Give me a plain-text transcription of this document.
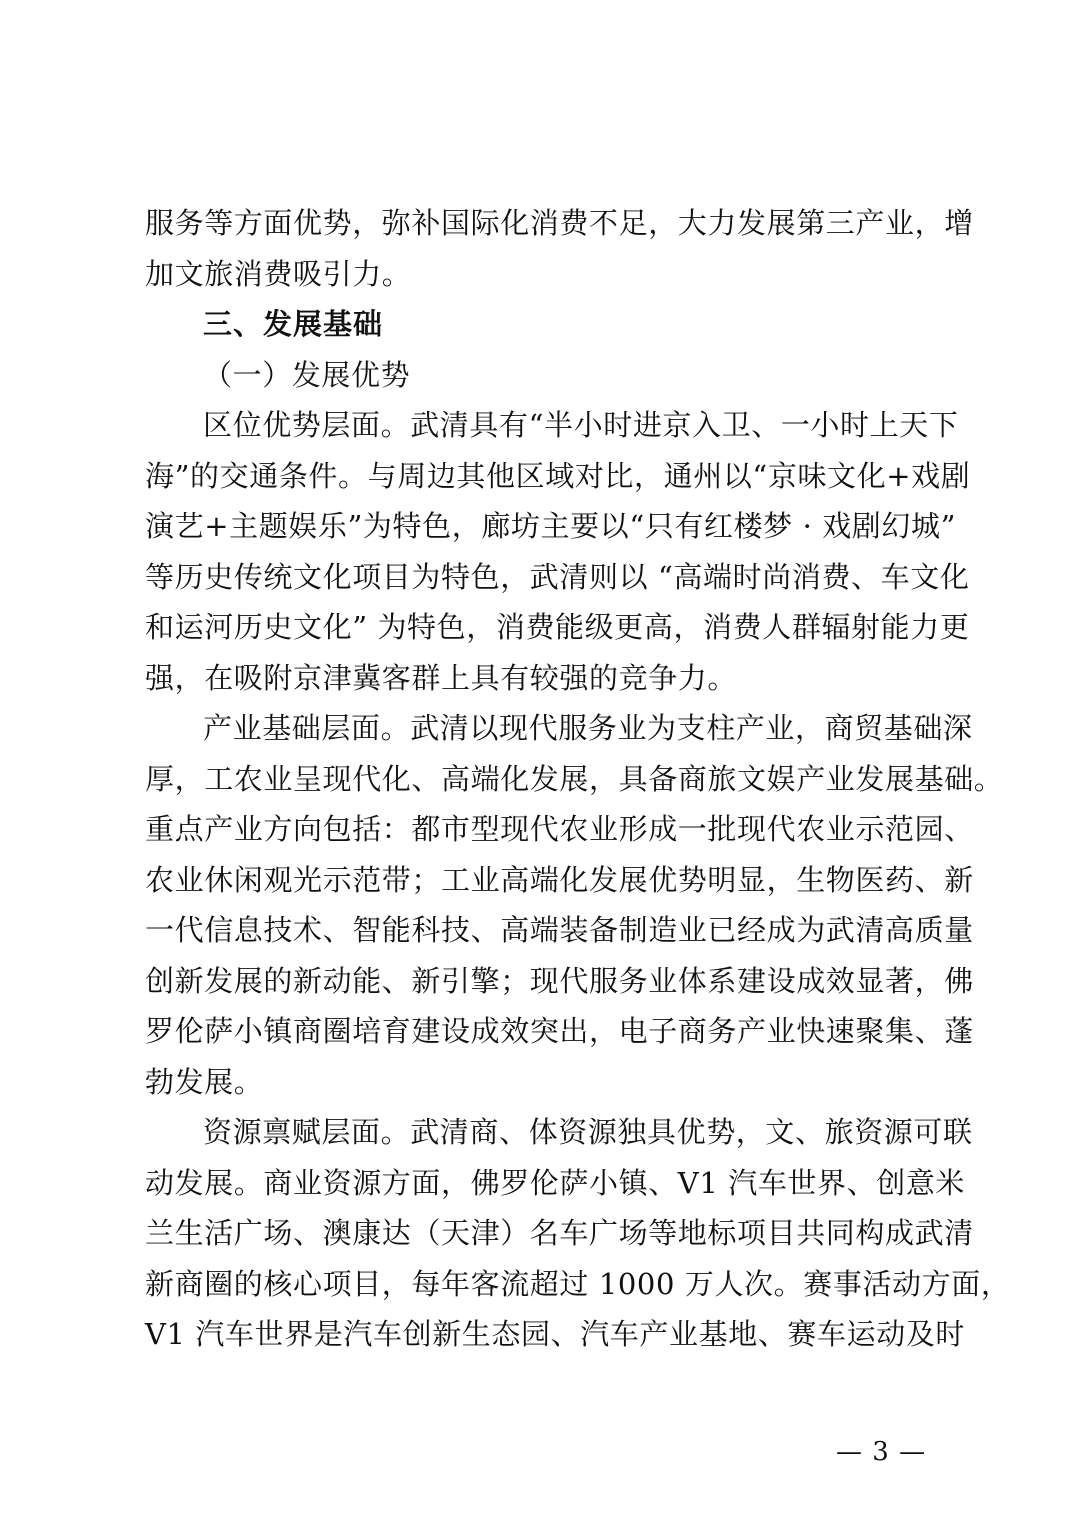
服务等方面优势，弥补国际化消费不足，大力发展第三产业，增
加文旅消费吸引力。
三、发展基础
（一）发展优势
区位优势层面。武清具有“半小时进京入卫、一小时上天下
海”的交通条件。与周边其他区域对比，通州以“京味文化+戏剧
演艺+主题娱乐”为特色，廊坊主要以“只有红楼梦 · 戏剧幻城”
等历史传统文化项目为特色，武清则以 “高端时尚消费、车文化
和运河历史文化” 为特色，消费能级更高，消费人群辐射能力更
强，在吸附京津冀客群上具有较强的竞争力。
产业基础层面。武清以现代服务业为支柱产业，商贸基础深
厚，工农业呈现代化、高端化发展，具备商旅文娱产业发展基础。
重点产业方向包括：都市型现代农业形成一批现代农业示范园、
农业休闲观光示范带；工业高端化发展优势明显，生物医药、新
一代信息技术、智能科技、高端装备制造业已经成为武清高质量
创新发展的新动能、新引擎；现代服务业体系建设成效显著，佛
罗伦萨小镇商圈培育建设成效突出，电子商务产业快速聚集、蓬
勃发展。
资源禀赋层面。武清商、体资源独具优势，文、旅资源可联
动发展。商业资源方面，佛罗伦萨小镇、V1 汽车世界、创意米
兰生活广场、澳康达（天津）名车广场等地标项目共同构成武清
新商圈的核心项目，每年客流超过 1000 万人次。赛事活动方面，
V1 汽车世界是汽车创新生态园、汽车产业基地、赛车运动及时
— 3 —
